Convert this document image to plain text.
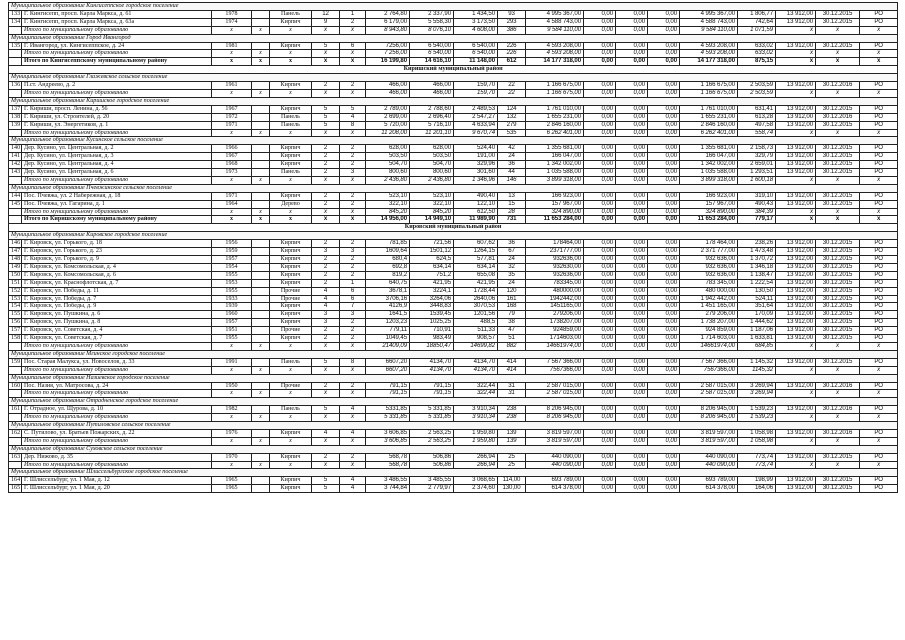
Муниципальное образование Кингисеппское городское поселение																			
133	Г. Кингисепп, просп. Карла Маркса, д. 61	1978		Панель	12	1	2 764,80	2 337,90	1 434,50	93	4 995 367,00	0,00	0,00	0,00	4 995 367,00	1 806,77	13 912,00	30.12.2015	РО
134	Г. Кингисепп, просп. Карла Маркса, д. 63а	1974		Кирпич	9	2	6 179,00	5 558,30	3 173,50	293	4 588 743,00	0,00	0,00	0,00	4 588 743,00	742,64	13 912,00	30.12.2015	РО
	Итого по муниципальному образованию	х	х	х	х	х	8 943,80	8 076,10	4 608,00	386	9 584 110,00	0,00	0,00	0,00	9 584 110,00	1 071,59	х	х	х
Муниципальное образование Город Ивангород																			
135	Г. Ивангород, ул. Кингисеппское, д. 24	1981		Кирпич	5	6	7256,00	6 540,00	6 540,00	226	4 593 208,00	0,00	0,00	0,00	4 593 208,00	633,02	13 912,00	30.12.2015	РО
	Итого по муниципальному образованию	х	х	х	х	х	7 256,00	6 540,00	6 540,00	226	4 593 208,00	0,00	0,00	0,00	4 593 208,00	633,02	х	х	х
	Итого по Кингисеппскому муниципальному району	х	х	х	х	х	16 199,80	14 616,10	11 148,00	612	14 177 318,00	0,00	0,00	0,00	14 177 318,00	875,15	х	х	х
Киришский муниципальный район																			
Муниципальное образование Глажевское сельское поселение																			
136	П.ст. Андреево, д. 2	1961		Кирпич	2	2	466,00	466,00	159,70	22	1 166 675,00	0,00	0,00	0,00	1 166 675,00	2 503,59	13 912,00	30.12.2016	РО
	Итого по муниципальному образованию	х	х	х	х	х	466,00	466,00	159,70	22	1 166 675,00	0,00	0,00	0,00	1 166 675,00	2 503,59	х	х	х
Муниципальное образование Киришское городское поселение																			
137	Г. Кириши, просп. Ленина, д. 56	1967		Кирпич	5	5	2 789,00	2 788,60	2 489,53	124	1 761 010,00	0,00	0,00	0,00	1 761 010,00	631,41	13 912,00	30.12.2015	РО
138	Г. Кириши, ул. Строителей, д. 20	1972		Панель	5	4	2 699,00	2 696,40	2 547,27	132	1 655 231,00	0,00	0,00	0,00	1 655 231,00	613,28	13 912,00	30.12.2016	РО
139	Г. Кириши, ул. Энергетиков, д. 1	1971		Панель	5	8	5 720,00	5 716,10	4 633,94	279	2 846 160,00	0,00	0,00	0,00	2 846 160,00	497,58	13 912,00	30.12.2015	РО
	Итого по муниципальному образованию	х	х	х	х	х	11 208,00	11 201,10	9 670,74	535	6 262 401,00	0,00	0,00	0,00	6 262 401,00	558,74	х	х	х
Муниципальное образование Кусинское сельское поселение																			
140	Дер. Кусино, ул. Центральная, д. 2	1966		Кирпич	2	2	628,00	628,00	524,40	42	1 355 681,00	0,00	0,00	0,00	1 355 681,00	2 158,73	13 912,00	30.12.2015	РО
141	Дер. Кусино, ул. Центральная, д. 3	1967		Кирпич	2	2	503,50	503,50	191,00	24	166 047,00	0,00	0,00	0,00	166 047,00	329,79	13 912,00	30.12.2015	РО
142	Дер. Кусино, ул. Центральная, д. 4	1968		Кирпич	2	2	504,70	504,70	329,96	36	1 342 002,00	0,00	0,00	0,00	1 342 002,00	2 659,01	13 912,00	30.12.2015	РО
143	Дер. Кусино, ул. Центральная, д. 6	1973		Панель	2	3	800,60	800,60	301,60	44	1 035 588,00	0,00	0,00	0,00	1 035 588,00	1 293,51	13 912,00	30.12.2015	РО
	Итого по муниципальному образованию	х	х	х	х	х	2 436,80	2 436,80	1 346,96	146	3 899 318,00	0,00	0,00	0,00	3 899 318,00	1 600,18	х	х	х
Муниципальное образование Пчевжинское сельское поселение																			
144	Пос. Пчевжа, ул. 2 Набережная, д. 18	1971		Кирпич	2	2	523,10	523,10	490,40	13	166 923,00	0,00	0,00	0,00	166 923,00	319,10	13 912,00	30.12.2015	РО
145	Пос. Пчевжа, ул. Гагарина, д. 1	1964		Дерево	2	2	322,10	322,10	122,10	15	157 967,00	0,00	0,00	0,00	157 967,00	490,43	13 912,00	30.12.2015	РО
	Итого по муниципальному образованию	х	х	х	х	х	845,20	845,20	612,50	28	324 890,00	0,00	0,00	0,00	324 890,00	384,39	х	х	х
	Итого по Киришскому муниципальному району	х	х	х	х	х	14 956,00	14 949,10	11 989,90	731	11 653 284,00	0,00	0,00	0,00	11 653 284,00	779,17	х	х	х
Кировский муниципальный район																			
Муниципальное образование Кировское городское поселение																			
146	Г. Кировск, ул. Горького, д. 18	1956		Кирпич	2	2	781,85	721,56	607,62	36	178464,00	0,00	0,00	0,00	178 464,00	238,26	13 912,00	30.12.2015	РО
147	Г. Кировск, ул. Горького, д. 23	1959		Кирпич	3	3	1609,64	1501,12	1264,15	67	2371777,00	0,00	0,00	0,00	2 371 777,00	1 473,48	13 912,00	30.12.2015	РО
148	Г. Кировск, ул. Горького, д. 9	1957		Кирпич	2	2	680,4	624,5	577,81	24	932636,00	0,00	0,00	0,00	932 636,00	1 370,72	13 912,00	30.12.2015	РО
149	Г. Кировск, ул. Комсомольская, д. 4	1954		Кирпич	2	2	692,8	634,14	634,14	32	932630,00	0,00	0,00	0,00	932 636,00	1 346,18	13 912,00	30.12.2015	РО
150	Г. Кировск, ул. Комсомольская, д. 6	1955		Кирпич	2	2	819,2	751,2	655,08	35	932636,00	0,00	0,00	0,00	932 636,00	1 138,47	13 912,00	30.12.2015	РО
151	Г. Кировск, ул. Краснофлотская, д. 7	1953		Кирпич	2	1	640,75	421,95	421,95	24	783345,00	0,00	0,00	0,00	783 345,00	1 222,54	13 912,00	30.12.2015	РО
152	Г. Кировск, ул. Победы, д. 11	1955		Прочие	4	6	3678,1	3224,1	1728,44	120	480000,00	0,00	0,00	0,00	480 000,00	130,50	13 912,00	30.12.2015	РО
153	Г. Кировск, ул. Победы, д. 7	1933		Прочие	4	6	3706,16	3264,06	2640,06	161	1942442,00	0,00	0,00	0,00	1 942 442,00	524,11	13 912,00	30.12.2015	РО
154	Г. Кировск, ул. Победы, д. 9	1939		Кирпич	4	7	4126,9	3448,83	3070,53	168	1451165,00	0,00	0,00	0,00	1 451 165,00	351,64	13 912,00	30.12.2015	РО
155	Г. Кировск, ул. Пушкина, д. 6	1960		Кирпич	3	3	1641,5	1539,45	1201,56	79	279206,00	0,00	0,00	0,00	279 206,00	170,09	13 912,00	30.12.2015	РО
156	Г. Кировск, ул. Пушкина, д. 8	1957		Кирпич	3	2	1203,23	1025,25	488,5	38	1738207,00	0,00	0,00	0,00	1 738 207,00	1 444,62	13 912,00	30.12.2015	РО
157	Г. Кировск, ул. Советская, д. 4	1951		Прочие	2	2	779,11	710,91	511,33	47	924859,00	0,00	0,00	0,00	924 859,00	1 187,06	13 912,00	30.12.2015	РО
158	Г. Кировск, ул. Советская, д. 7	1955		Кирпич	2	2	1049,45	983,49	908,57	51	1714603,00	0,00	0,00	0,00	1 714 603,00	1 633,81	13 912,00	30.12.2015	РО
	Итого по муниципальному образованию	х	х	х	х	х	21409,09	18850,47	14699,82	882	14661974,00	0,00	0,00	0,00	14661974,00	684,85	х	х	х
Муниципальное образование Мгинское городское поселение																			
159	Пос. Старая Малукса, ул. Новоселов, д. 33	1991		Панель	5	8	6607,20	4134,70	4134,70	414	7 567 366,00	0,00	0,00	0,00	7 567 366,00	1 145,32	13 912,00	30.12.2015	РО
	Итого по муниципальному образованию	х	х	х	х	х	6607,20	4134,70	4134,70	414	7567366,00	0,00	0,00	0,00	7567366,00	1145,32	х	х	х
Муниципальное образование Назиевское городское поселение																			
160	Пос. Назия, ул. Матросова, д. 24	1950		Прочие	2	2	791,15	791,15	322,44	31	2 587 015,00	0,00	0,00	0,00	2 587 015,00	3 269,94	13 912,00	30.12.2016	РО
	Итого по муниципальному образованию	х	х	х	х	х	791,15	791,15	322,44	31	2 587 015,00	0,00	0,00	0,00	2 587 015,00	3 269,94	х	х	х
Муниципальное образование Отрадненское городское поселение																			
161	Г. Отрадное, ул. Щурова, д. 10	1982		Панель	5	4	5331,85	5 331,85	3 910,34	238	8 206 945,00	0,00	0,00	0,00	8 206 945,00	1 539,23	13 912,00	30.12.2016	РО
	Итого по муниципальному образованию	х	х	х	х	х	5 331,85	5 331,85	3 910,34	238	8 206 945,00	0,00	0,00	0,00	8 206 945,00	1 539,23	х	х	х
Муниципальное образование Путиловское сельское поселение																			
162	С. Путилово, ул. Братьев Пожарских, д. 22	1976		Кирпич	4	4	3 606,85	2 563,25	1 959,80	139	3 819 597,00	0,00	0,00	0,00	3 819 597,00	1 058,98	13 912,00	30.12.2016	РО
	Итого по муниципальному образованию	х	х	х	х	х	3 606,85	2 563,25	1 959,80	139	3 819 597,00	0,00	0,00	0,00	3 819 597,00	1 058,98	х	х	х
Муниципальное образование Суховское сельское поселение																			
163	Дер. Нижово, д. 35	1970		Кирпич	2	2	568,78	506,86	266,94	25	440 090,00	0,00	0,00	0,00	440 090,00	773,74	13 912,00	30.12.2015	РО
	Итого по муниципальному образованию	х	х	х	х	х	568,78	506,86	266,94	25	440 090,00	0,00	0,00	0,00	440 090,00	773,74	х	х	х
Муниципальное образование Шлиссельбургское городское поселение																			
164	Г. Шлиссельбург, ул. 1 Мая, д. 12	1965		Кирпич	5	4	3 486,55	3 485,55	3 068,65	114,00	693 789,00	0,00	0,00	0,00	693 789,00	198,99	13 912,00	30.12.2015	РО
165	Г. Шлиссельбург, ул. 1 Мая, д. 20	1965		Кирпич	5	4	3 744,84	2 779,97	2 374,60	130,00	614 378,00	0,00	0,00	0,00	614 378,00	164,06	13 912,00	30.12.2015	РО
